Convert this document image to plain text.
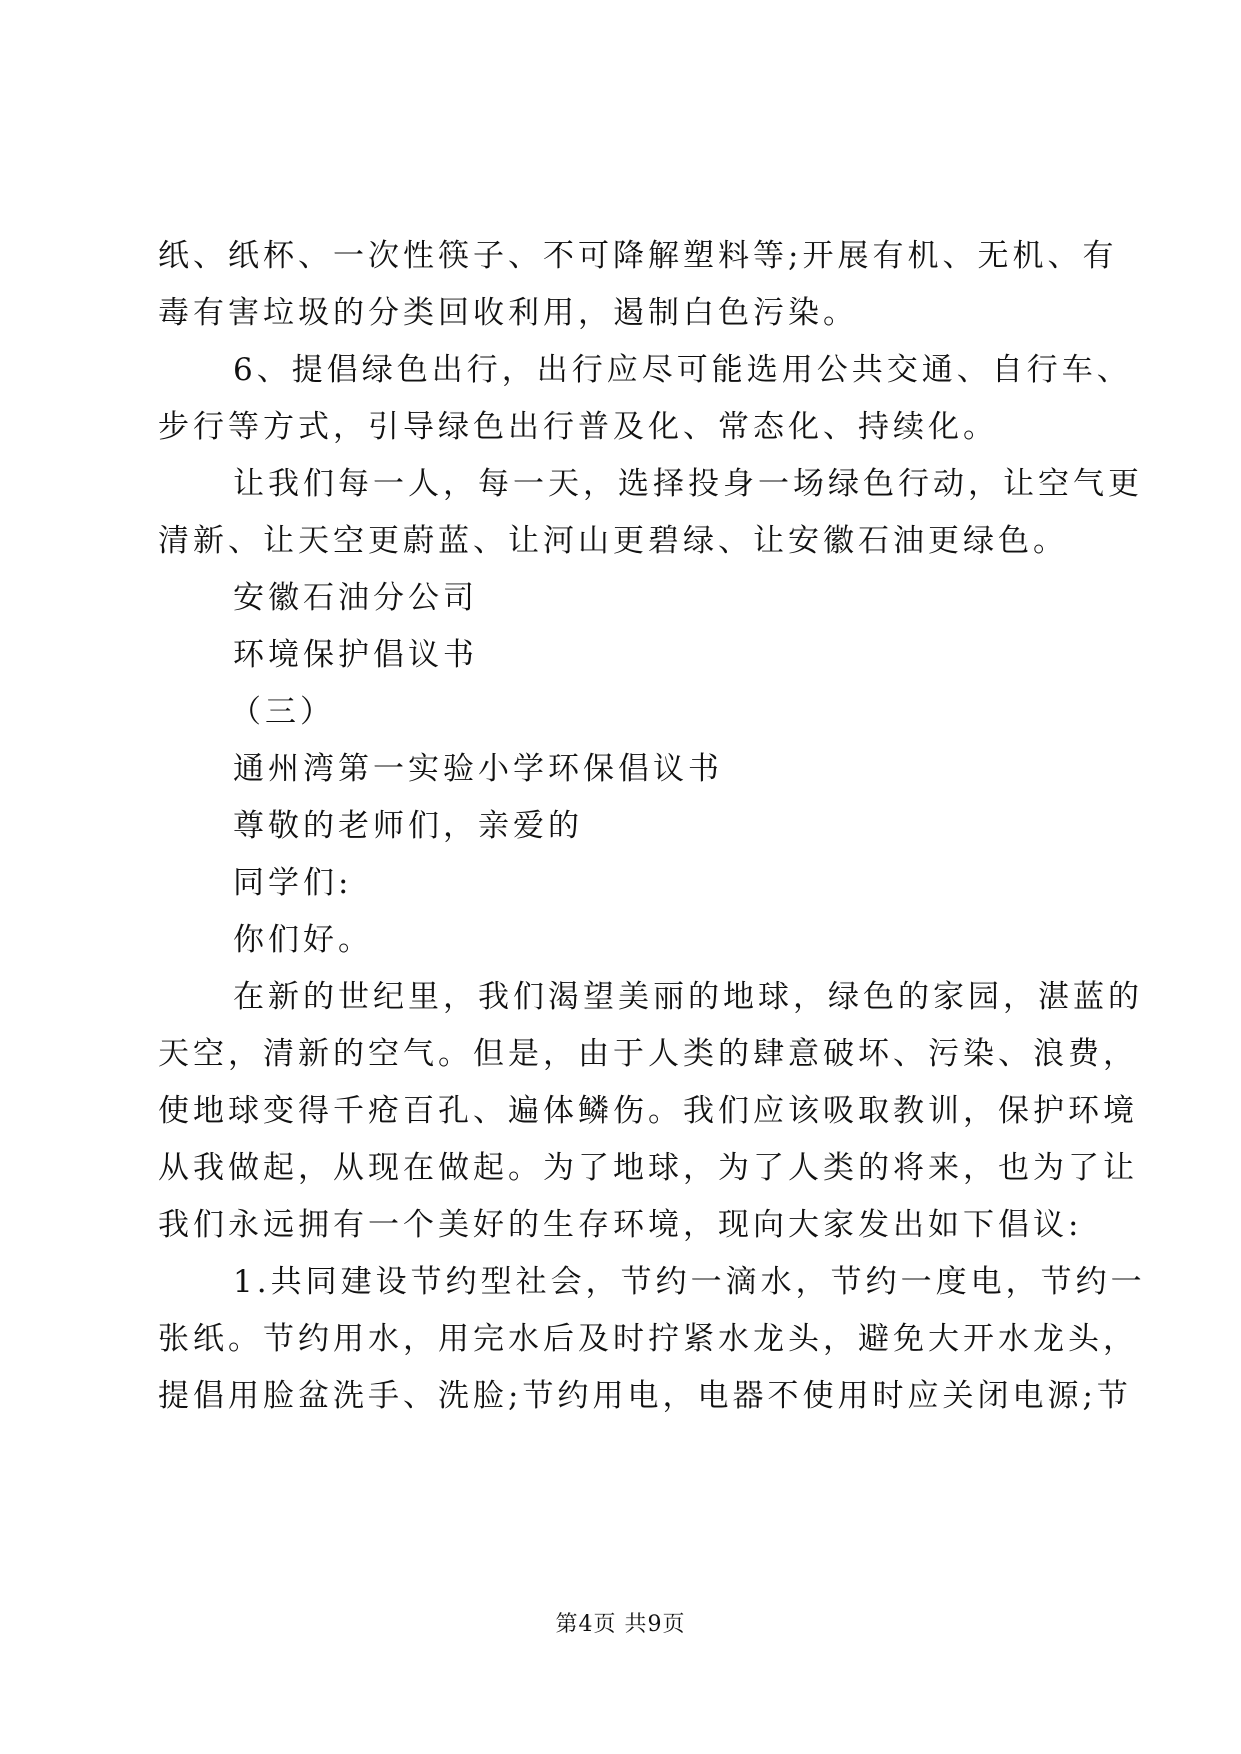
纸、纸杯、一次性筷子、不可降解塑料等;开展有机、无机、有
毒有害垃圾的分类回收利用，遏制白色污染。
6、提倡绿色出行，出行应尽可能选用公共交通、自行车、
步行等方式，引导绿色出行普及化、常态化、持续化。
让我们每一人，每一天，选择投身一场绿色行动，让空气更
清新、让天空更蔚蓝、让河山更碧绿、让安徽石油更绿色。
安徽石油分公司
环境保护倡议书
（三）
通州湾第一实验小学环保倡议书
尊敬的老师们，亲爱的
同学们:
你们好。
在新的世纪里，我们渴望美丽的地球，绿色的家园，湛蓝的
天空，清新的空气。但是，由于人类的肆意破坏、污染、浪费，
使地球变得千疮百孔、遍体鳞伤。我们应该吸取教训，保护环境
从我做起，从现在做起。为了地球，为了人类的将来，也为了让
我们永远拥有一个美好的生存环境，现向大家发出如下倡议:
1.共同建设节约型社会，节约一滴水，节约一度电，节约一
张纸。节约用水，用完水后及时拧紧水龙头，避免大开水龙头，
提倡用脸盆洗手、洗脸;节约用电，电器不使用时应关闭电源;节
第4页 共9页
